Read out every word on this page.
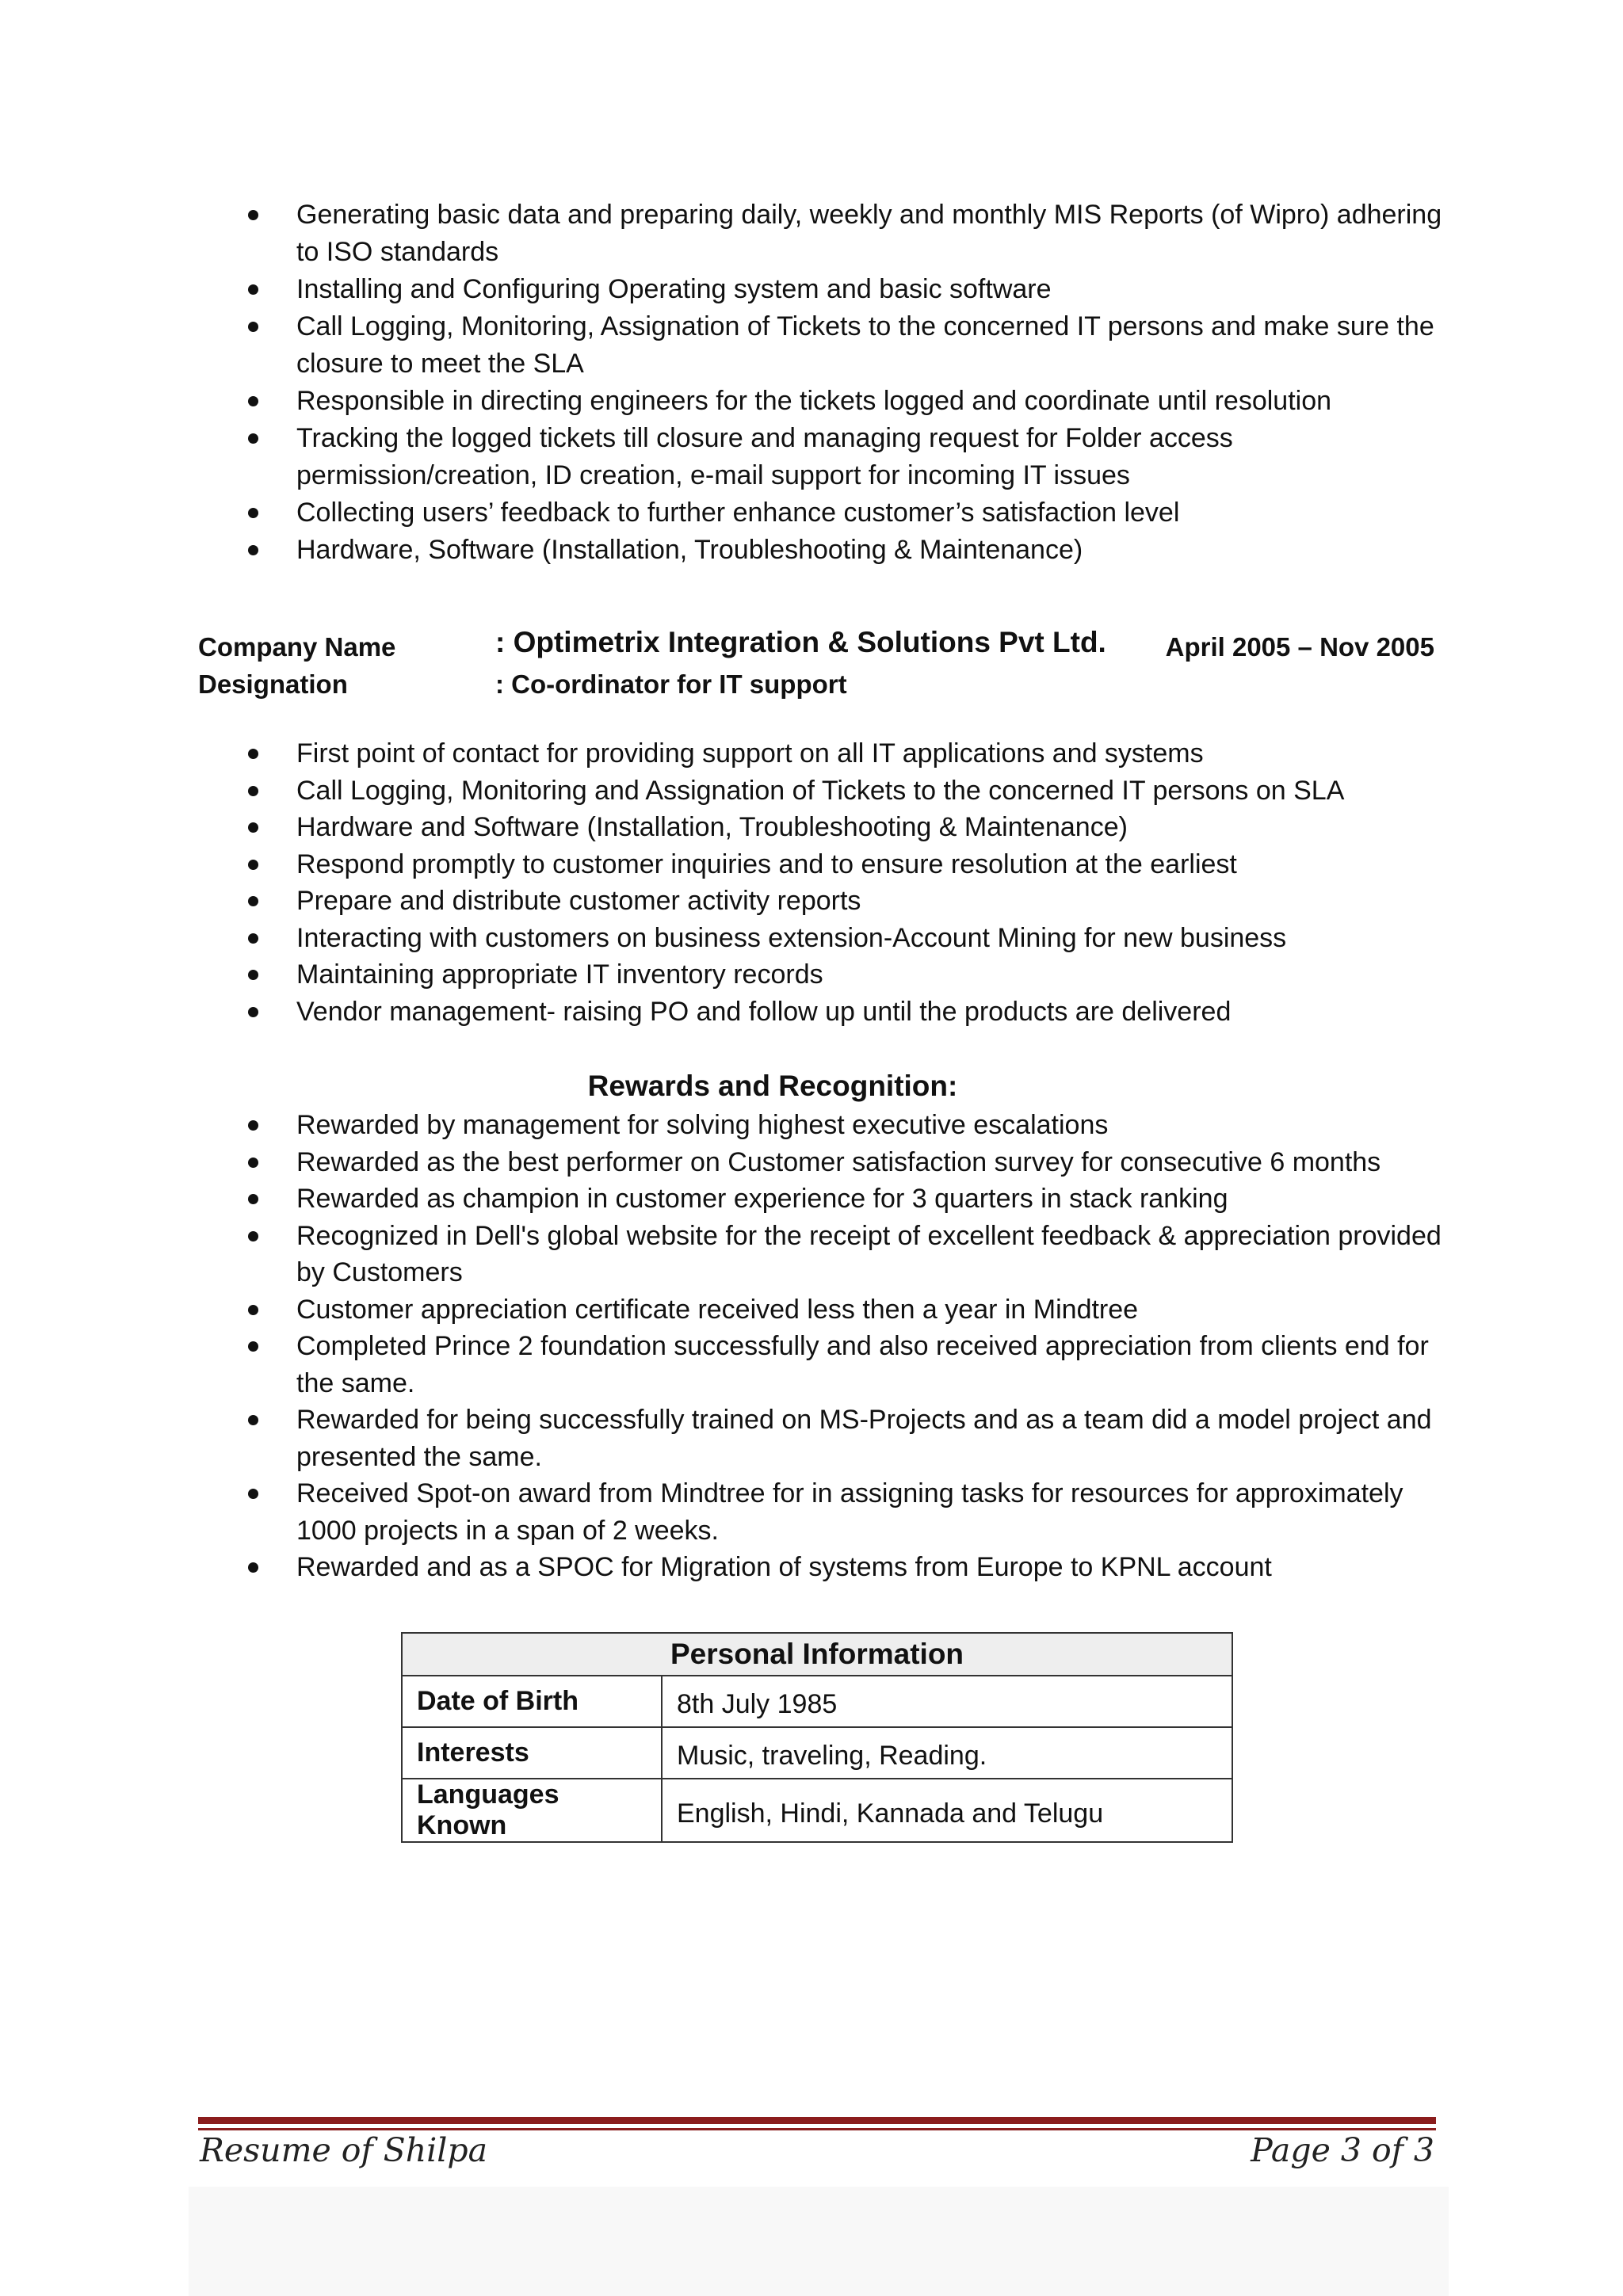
Generating basic data and preparing daily, weekly and monthly MIS Reports (of Wipro) adhering to ISO standards
Installing and Configuring Operating system and basic software
Call Logging, Monitoring, Assignation of Tickets to the concerned IT persons and make sure the closure to meet the SLA
Responsible in directing engineers for the tickets logged and coordinate until resolution
Tracking the logged tickets till closure and managing request for Folder access permission/creation, ID creation, e-mail support for incoming IT issues
Collecting users’ feedback to further enhance customer’s satisfaction level
Hardware, Software (Installation, Troubleshooting & Maintenance)
Company Name	: Optimetrix Integration & Solutions Pvt Ltd. April 2005 – Nov 2005
Designation	: Co-ordinator for IT support
First point of contact for providing support on all IT applications and systems
Call Logging, Monitoring and Assignation of Tickets to the concerned IT persons on SLA
Hardware and Software (Installation, Troubleshooting & Maintenance)
Respond promptly to customer inquiries and to ensure resolution at the earliest
Prepare and distribute customer activity reports
Interacting with customers on business extension-Account Mining for new business
Maintaining appropriate IT inventory records
Vendor management- raising PO and follow up until the products are delivered
Rewards and Recognition:
Rewarded by management for solving highest executive escalations
Rewarded as the best performer on Customer satisfaction survey for consecutive 6 months
Rewarded as champion in customer experience for 3 quarters in stack ranking
Recognized in Dell's global website for the receipt of excellent feedback & appreciation provided by Customers
Customer appreciation certificate received less then a year in Mindtree
Completed Prince 2 foundation successfully and also received appreciation from clients end for the same.
Rewarded for being successfully trained on MS-Projects and as a team did a model project and presented the same.
Received Spot-on award from Mindtree for in assigning tasks for resources for approximately 1000 projects in a span of 2 weeks.
Rewarded and as a SPOC for Migration of systems from Europe to KPNL account
Personal Information	
Date of Birth	8th July 1985
Interests	Music, traveling, Reading.
Languages Known	English, Hindi, Kannada and Telugu
Resume of Shilpa	Page 3 of 3
